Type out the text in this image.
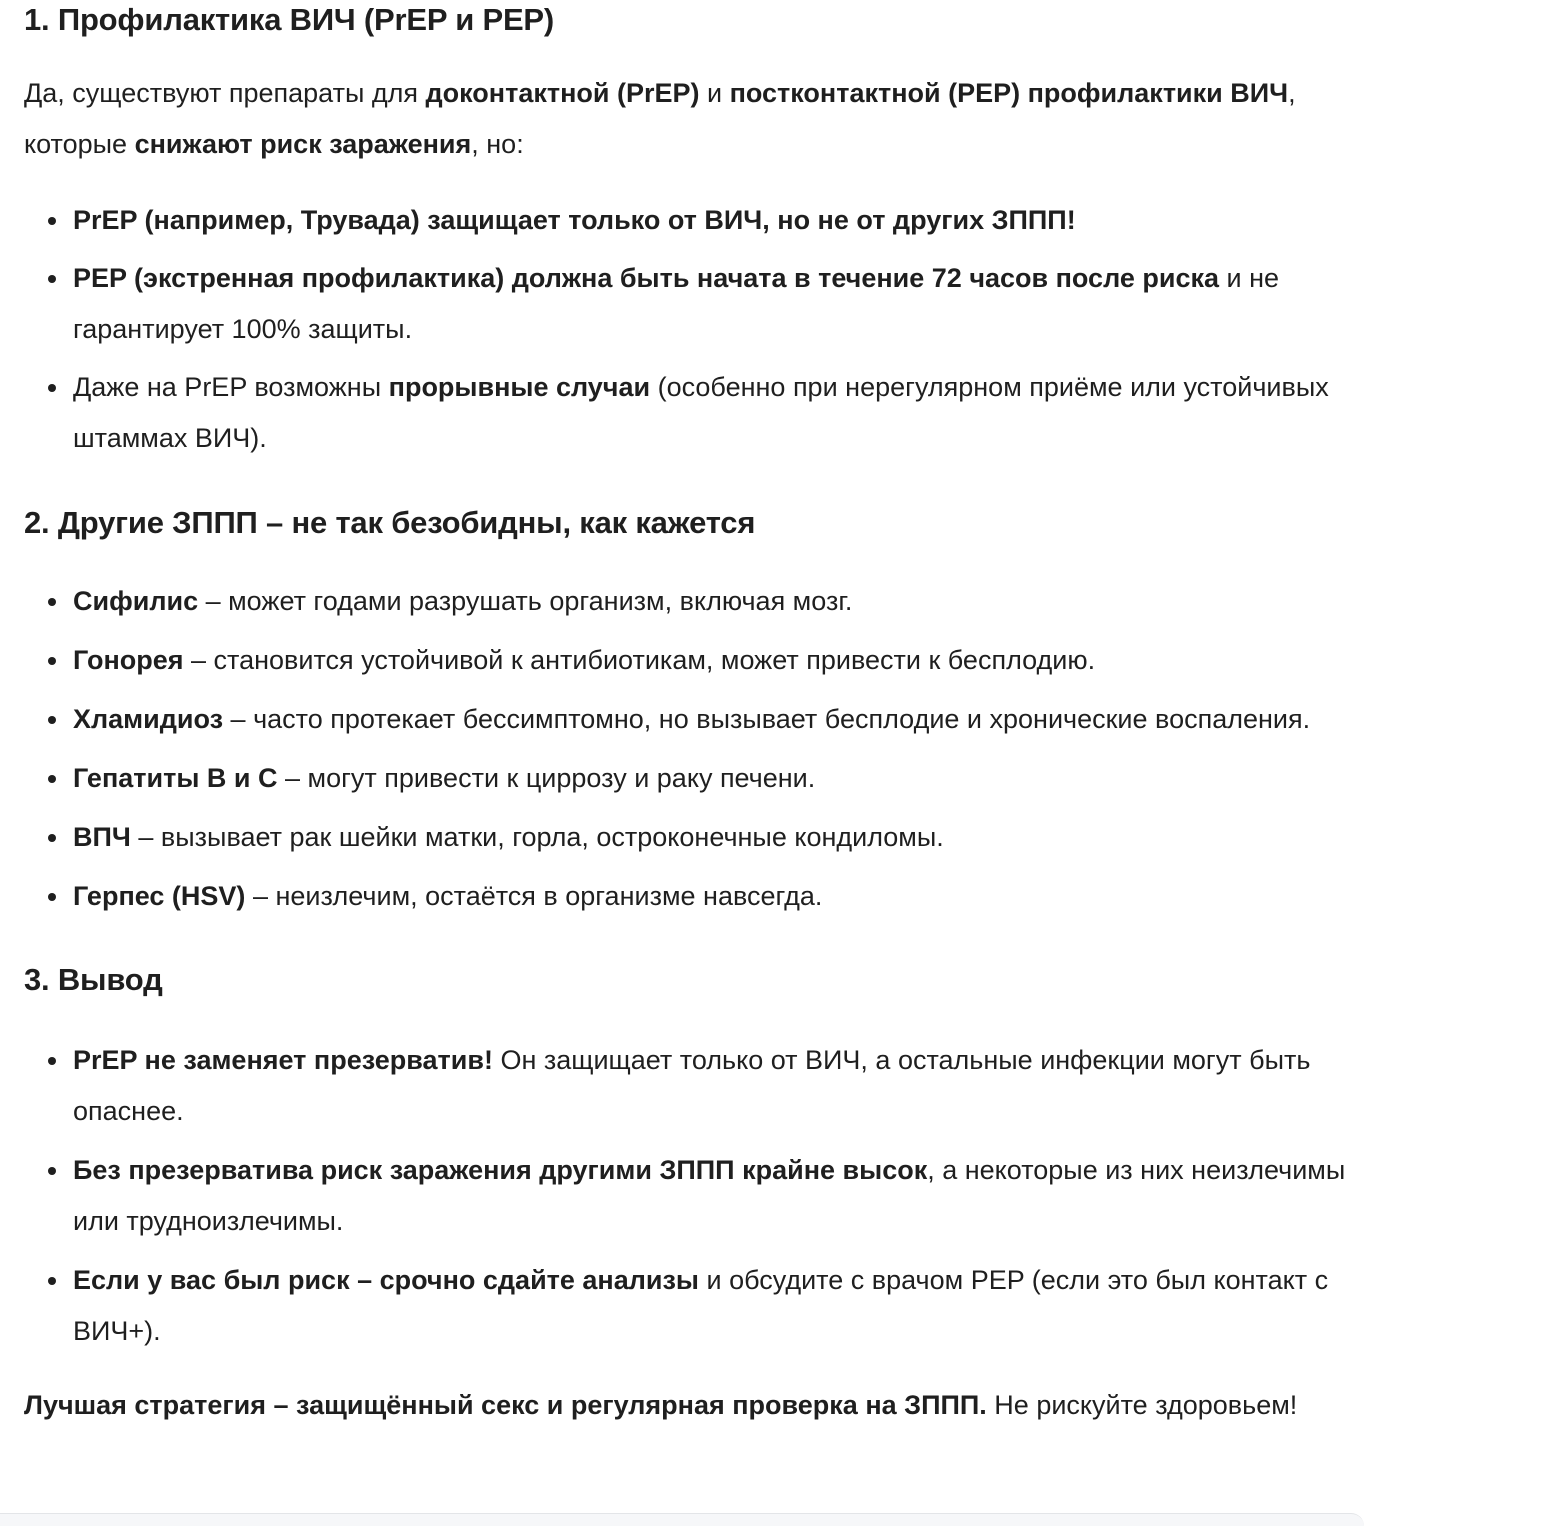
1. Профилактика ВИЧ (PrEP и PEP)

Да, существуют препараты для доконтактной (PrEP) и постконтактной (PEP) профилактики ВИЧ, которые снижают риск заражения, но:

PrEP (например, Трувада) защищает только от ВИЧ, но не от других ЗППП!
PEP (экстренная профилактика) должна быть начата в течение 72 часов после риска и не гарантирует 100% защиты.
Даже на PrEP возможны прорывные случаи (особенно при нерегулярном приёме или устойчивых штаммах ВИЧ).
2. Другие ЗППП – не так безобидны, как кажется
Сифилис – может годами разрушать организм, включая мозг.
Гонорея – становится устойчивой к антибиотикам, может привести к бесплодию.
Хламидиоз – часто протекает бессимптомно, но вызывает бесплодие и хронические воспаления.
Гепатиты B и C – могут привести к циррозу и раку печени.
ВПЧ – вызывает рак шейки матки, горла, остроконечные кондиломы.
Герпес (HSV) – неизлечим, остаётся в организме навсегда.
3. Вывод
PrEP не заменяет презерватив! Он защищает только от ВИЧ, а остальные инфекции могут быть опаснее.
Без презерватива риск заражения другими ЗППП крайне высок, а некоторые из них неизлечимы или трудноизлечимы.
Если у вас был риск – срочно сдайте анализы и обсудите с врачом PEP (если это был контакт с ВИЧ+).

Лучшая стратегия – защищённый секс и регулярная проверка на ЗППП. Не рискуйте здоровьем!
